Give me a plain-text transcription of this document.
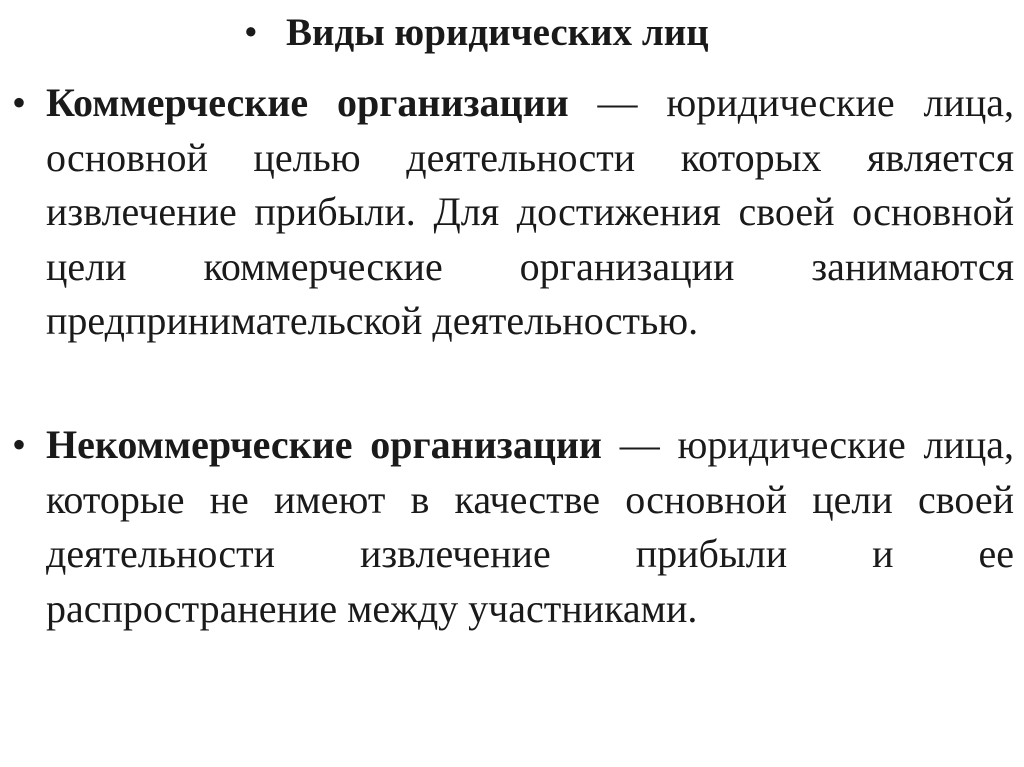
• Виды юридических лиц
• Коммерческие организации — юридические лица, основной целью деятельности которых является извлечение прибыли. Для достижения своей основной цели коммерческие организации занимаются предпринимательской деятельностью.

• Некоммерческие организации — юридические лица, которые не имеют в качестве основной цели своей деятельности извлечение прибыли и ее распространение между участниками.
